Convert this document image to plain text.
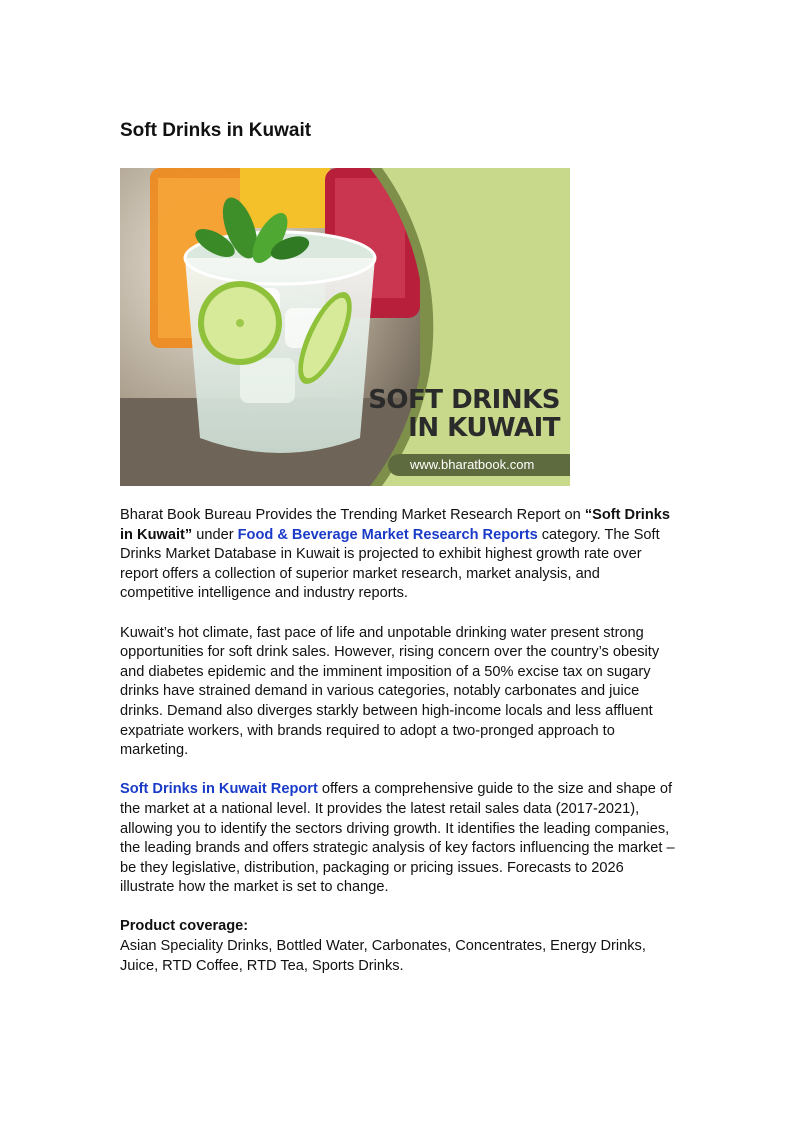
Soft Drinks in Kuwait
SOFT DRINKS
IN KUWAIT
www.bharatbook.com

Bharat Book Bureau Provides the Trending Market Research Report on “Soft Drinks in Kuwait” under Food & Beverage Market Research Reports category. The Soft Drinks Market Database in Kuwait is projected to exhibit highest growth rate over report offers a collection of superior market research, market analysis, and competitive intelligence and industry reports.

Kuwait’s hot climate, fast pace of life and unpotable drinking water present strong opportunities for soft drink sales. However, rising concern over the country’s obesity and diabetes epidemic and the imminent imposition of a 50% excise tax on sugary drinks have strained demand in various categories, notably carbonates and juice drinks. Demand also diverges starkly between high-income locals and less affluent expatriate workers, with brands required to adopt a two-pronged approach to marketing.

Soft Drinks in Kuwait Report offers a comprehensive guide to the size and shape of the market at a national level. It provides the latest retail sales data (2017-2021), allowing you to identify the sectors driving growth. It identifies the leading companies, the leading brands and offers strategic analysis of key factors influencing the market – be they legislative, distribution, packaging or pricing issues. Forecasts to 2026 illustrate how the market is set to change.

Product coverage:
Asian Speciality Drinks, Bottled Water, Carbonates, Concentrates, Energy Drinks, Juice, RTD Coffee, RTD Tea, Sports Drinks.
